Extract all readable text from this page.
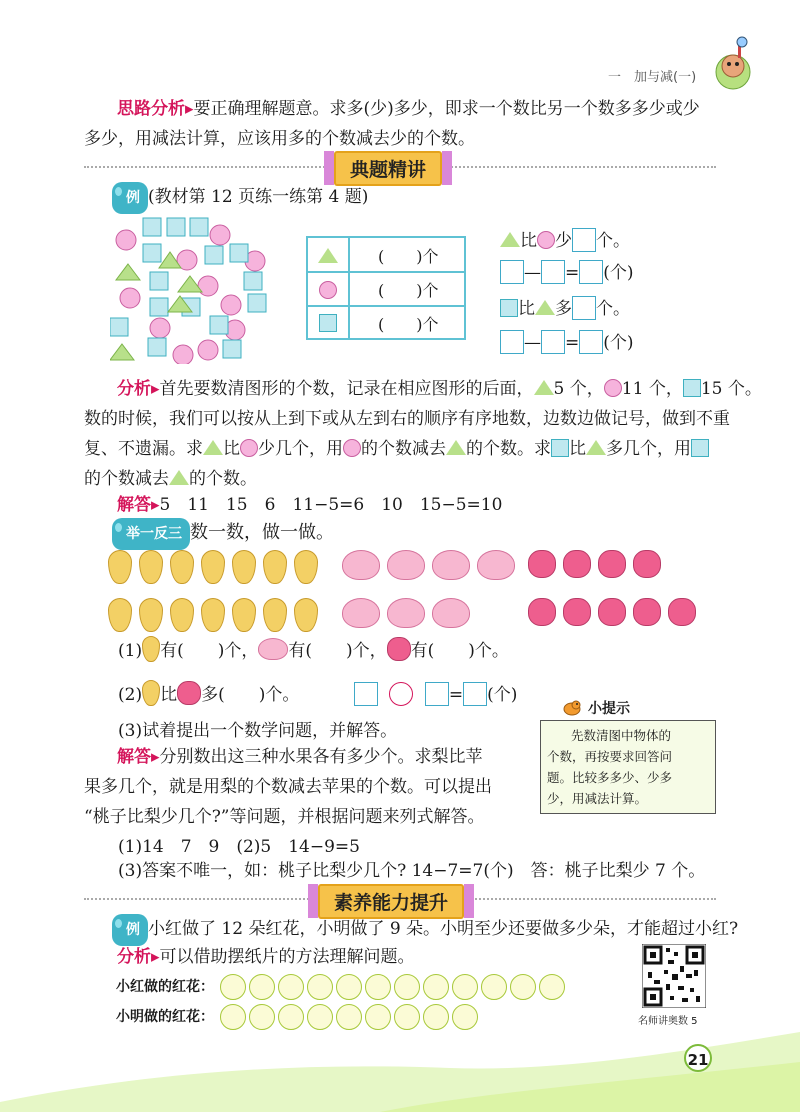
一　加与减(一)
思路分析▸要正确理解题意。求多(少)多少，即求一个数比另一个数多多少或少
多少，用减法计算，应该用多的个数减去少的个数。
典题精讲
例 (教材第 12 页练一练第 4 题)
(　　)个
(　　)个
(　　)个
比 少 个。
— = (个)
比 多 个。
— = (个)
分析▸首先要数清图形的个数，记录在相应图形的后面， 5 个， 11 个， 15 个。
数的时候，我们可以按从上到下或从左到右的顺序有序地数，边数边做记号，做到不重
复、不遗漏。求 比 少几个，用 的个数减去 的个数。求 比 多几个，用
的个数减去 的个数。
解答▸5　11　15　6　11−5=6　10　15−5=10
举一反三 数一数，做一做。
(1) 有(　　)个， 有(　　)个， 有(　　)个。
(2) 比 多(　　)个。	= (个)
(3)试着提出一个数学问题，并解答。
小提示
先数清图中物体的
个数，再按要求回答问
题。比较多多少、少多
少，用减法计算。
解答▸分别数出这三种水果各有多少个。求梨比苹
果多几个，就是用梨的个数减去苹果的个数。可以提出
“桃子比梨少几个?”等问题，并根据问题来列式解答。
(1)14　7　9　(2)5　14−9=5
(3)答案不唯一，如：桃子比梨少几个? 14−7=7(个)　答：桃子比梨少 7 个。
素养能力提升
例 小红做了 12 朵红花，小明做了 9 朵。小明至少还要做多少朵，才能超过小红?
分析▸可以借助摆纸片的方法理解问题。
小红做的红花：
小明做的红花：	名师讲奥数 5
21
